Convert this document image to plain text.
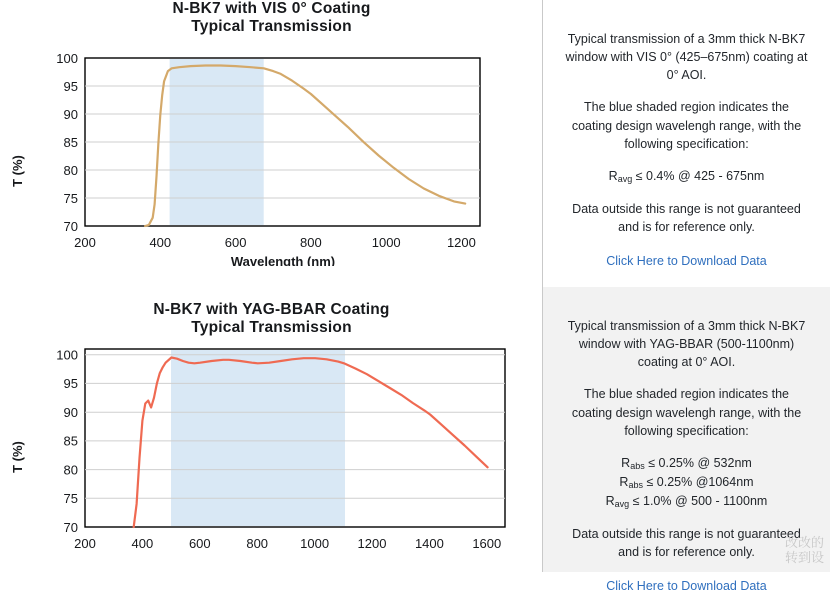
N-BK7 with VIS 0° Coating
Typical Transmission
T (%)
100
95
90
85
80
75
70
200	400	600	800	1000	1200
Wavelength (nm)

Typical transmission of a 3mm thick N-BK7 window with VIS 0° (425–675nm) coating at 0° AOI.

The blue shaded region indicates the coating design wavelengh range, with the following specification:

$R_{avg} \le 0.4\%$ @ 425 - 675nm

Data outside this range is not guaranteed and is for reference only.

Click Here to Download Data
N-BK7 with YAG-BBAR Coating
Typical Transmission
T (%)
100
95
90
85
80
75
70
200	400	600	800 1000 1200 1400 1600

Typical transmission of a 3mm thick N-BK7 window with YAG-BBAR (500-1100nm) coating at 0° AOI.

The blue shaded region indicates the coating design wavelengh range, with the following specification:

$R_{abs} \le 0.25\%$ @ 532nm

$R_{abs} \le 0.25\%$ @1064nm

$R_{avg} \le 1.0\%$ @ 500 - 1100nm

Data outside this range is not guaranteed and is for reference only.

Click Here to Download Data
改改的
转到设
